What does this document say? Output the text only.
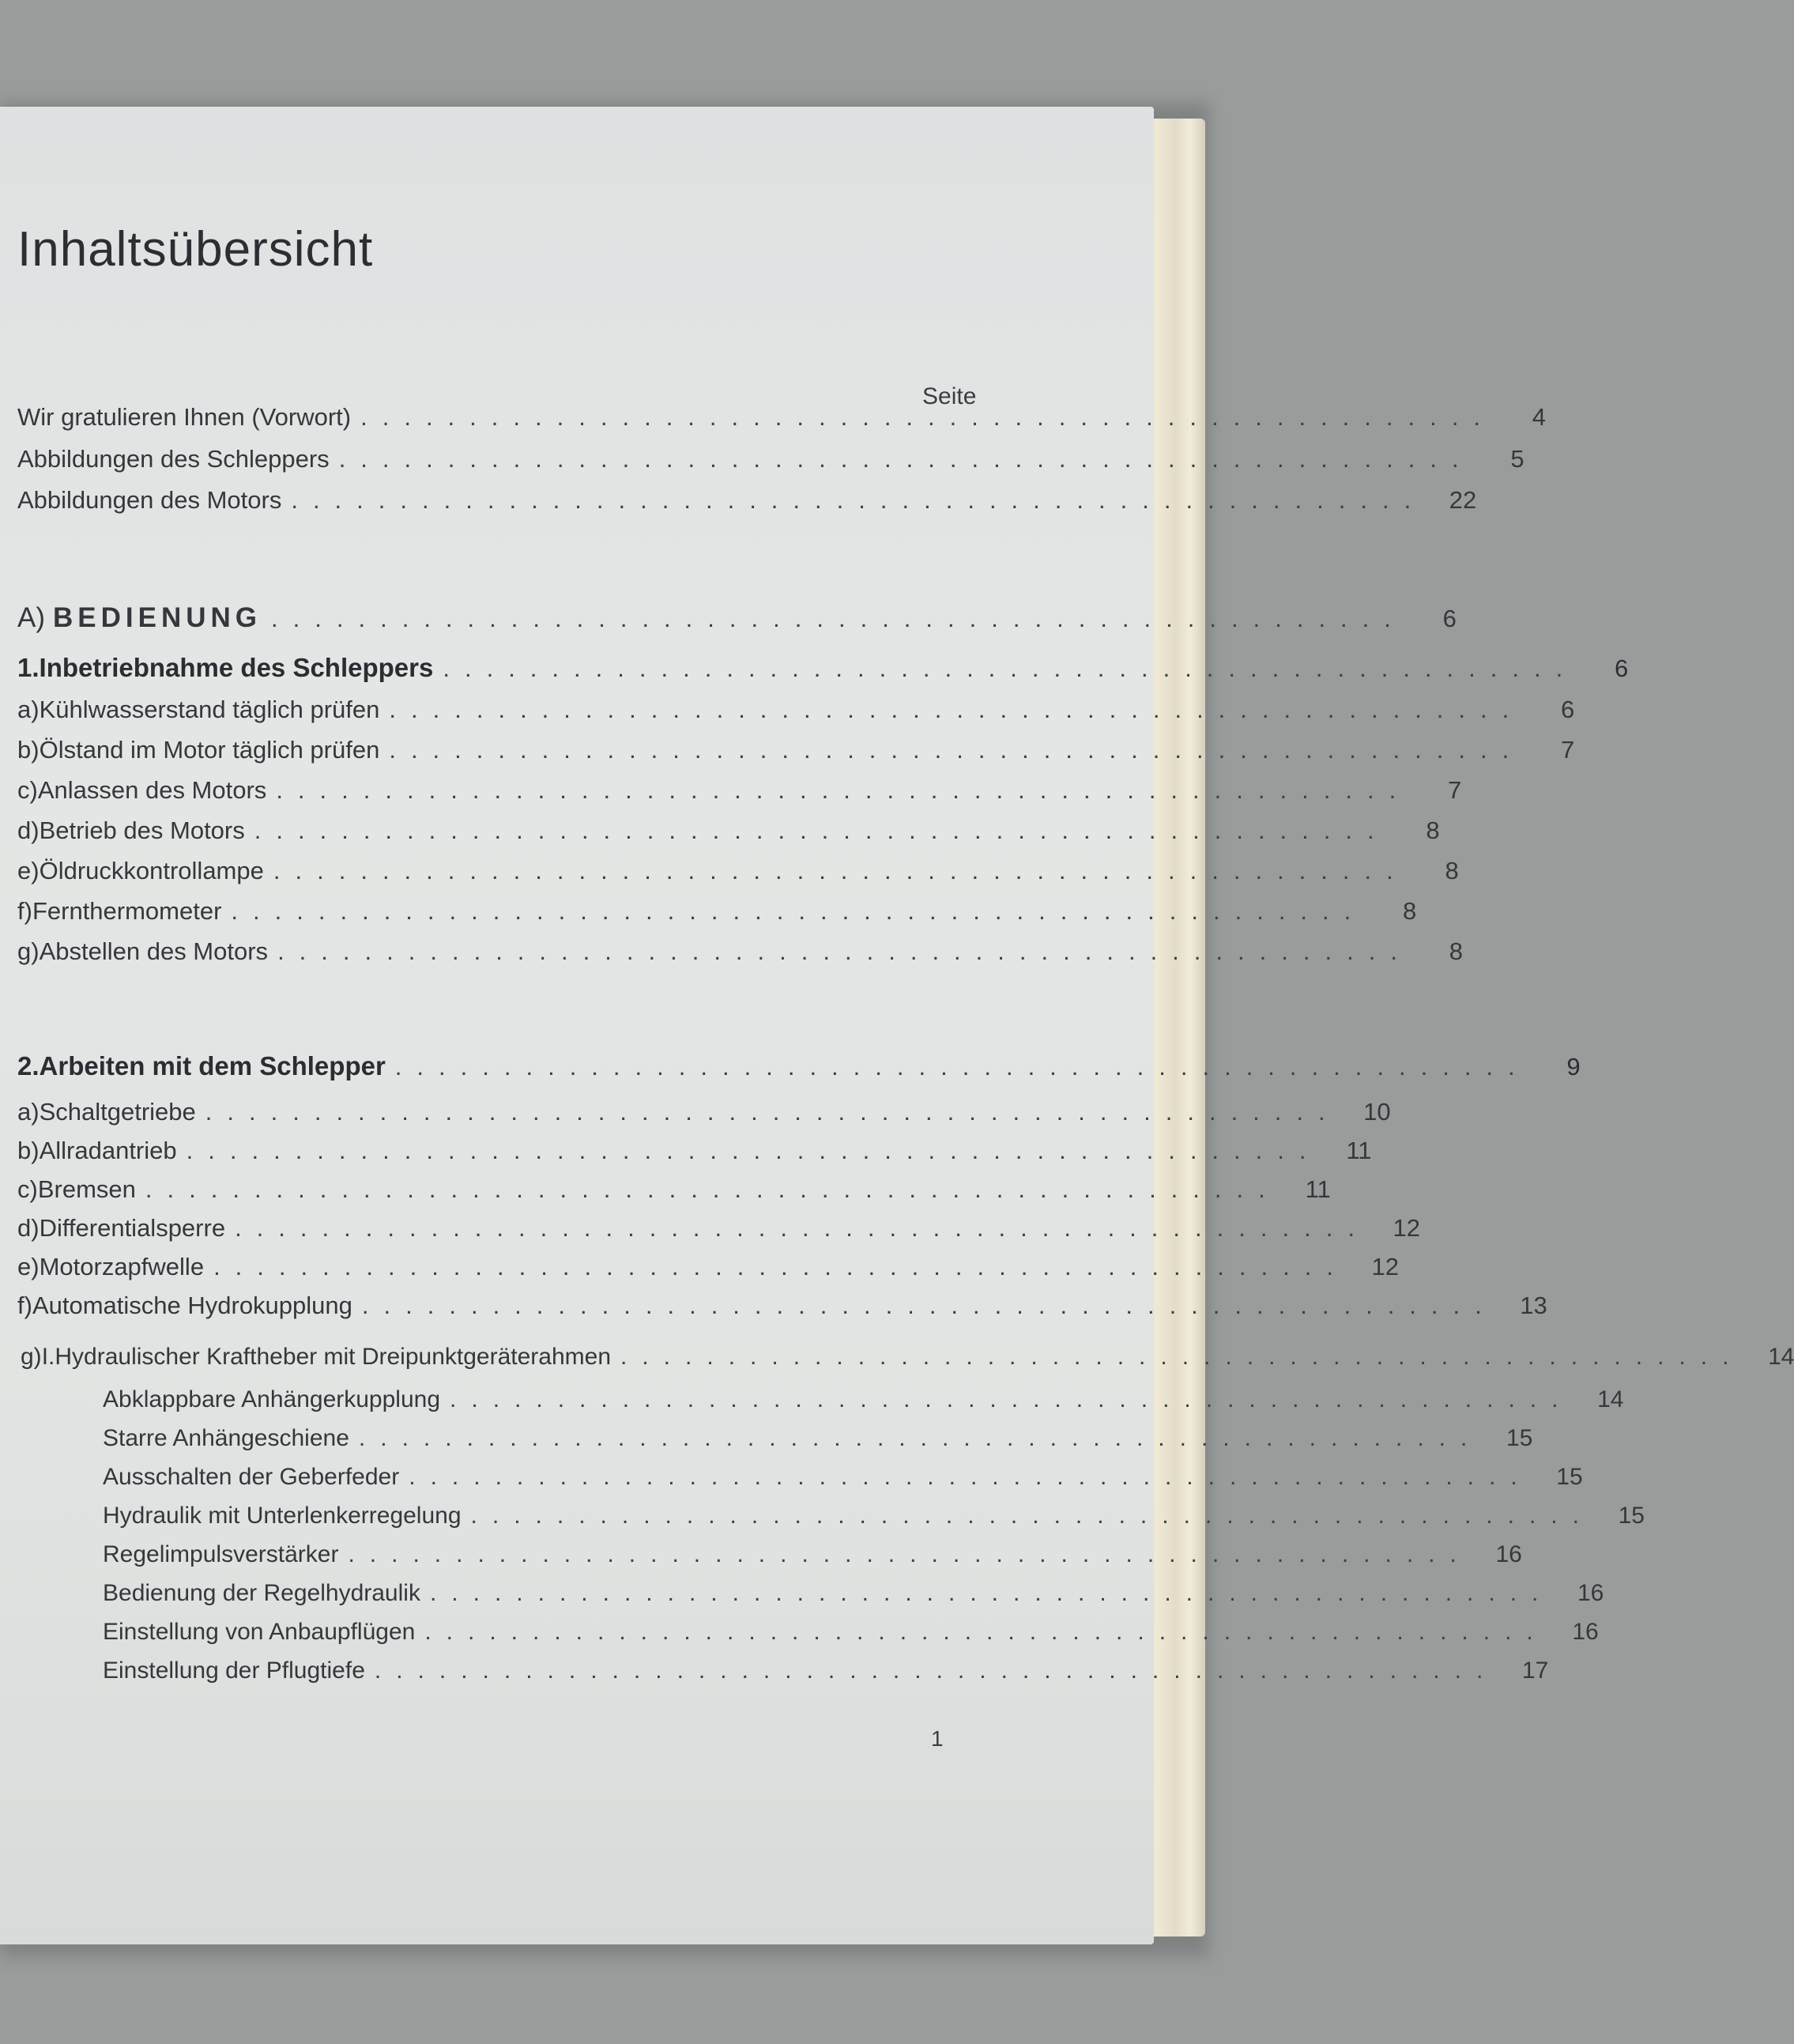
Inhaltsübersicht
Seite
Wir gratulieren Ihnen (Vorwort) ....................................................	4
Abbildungen des Schleppers ....................................................	5
Abbildungen des Motors .................................................... 22
A) BEDIENUNG ....................................................	6
1. Inbetriebnahme des Schleppers ....................................................	6
a) Kühlwasserstand täglich prüfen ....................................................	6
b) Ölstand im Motor täglich prüfen ....................................................	7
c) Anlassen des Motors ....................................................	7
d) Betrieb des Motors ....................................................	8
e) Öldruckkontrollampe ....................................................	8
f) Fernthermometer ....................................................	8
g) Abstellen des Motors ....................................................	8
2. Arbeiten mit dem Schlepper ....................................................	9
a) Schaltgetriebe .................................................... 10
b) Allradantrieb ....................................................	11
c) Bremsen ....................................................	11
d) Differentialsperre .................................................... 12
e) Motorzapfwelle .................................................... 12
f) Automatische Hydrokupplung .................................................... 13
g) I. Hydraulischer Kraftheber mit Dreipunktgeräterahmen ....................................................	14
Abklappbare Anhängerkupplung ....................................................	14
Starre Anhängeschiene ....................................................	15
Ausschalten der Geberfeder ....................................................	15
Hydraulik mit Unterlenkerregelung ....................................................	15
Regelimpulsverstärker ....................................................	16
Bedienung der Regelhydraulik ....................................................	16
Einstellung von Anbaupflügen ....................................................	16
Einstellung der Pflugtiefe ....................................................	17
1
